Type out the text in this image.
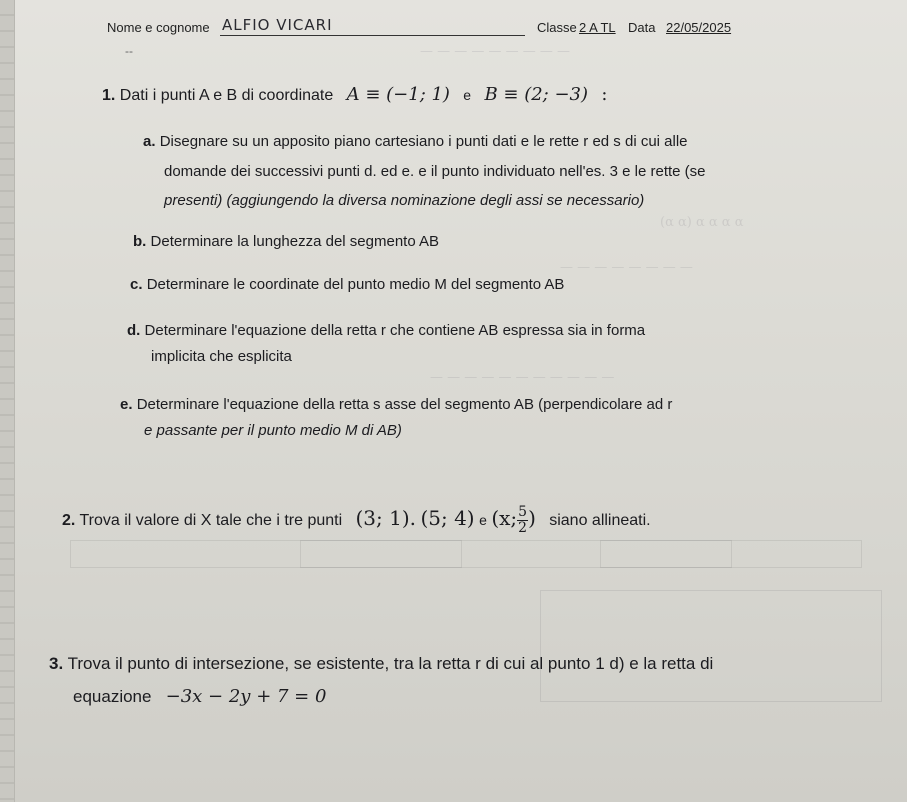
— — — — — — — — —
(α α) α α α α
— — — — — — — —
— — — — — — — — — — —
Nome e cognome ALFIO VICARI	Classe 2 A TL Data 22/05/2025
--
1. Dati i punti A e B di coordinate A ≡ (−1; 1) e B ≡ (2; −3) :
a. Disegnare su un apposito piano cartesiano i punti dati e le rette r ed s di cui alle
domande dei successivi punti d. ed e. e il punto individuato nell'es. 3 e le rette (se
presenti) (aggiungendo la diversa nominazione degli assi se necessario)
b. Determinare la lunghezza del segmento AB
c. Determinare le coordinate del punto medio M del segmento AB
d. Determinare l'equazione della retta r che contiene AB espressa sia in forma
implicita che esplicita
e. Determinare l'equazione della retta s asse del segmento AB (perpendicolare ad r
e passante per il punto medio M di AB)
2. Trova il valore di X tale che i tre punti (3; 1). (5; 4) e (x; $\frac{5}{2}$ ) siano allineati.
3. Trova il punto di intersezione, se esistente, tra la retta r di cui al punto 1 d) e la retta di
equazione −3x − 2y + 7 = 0
